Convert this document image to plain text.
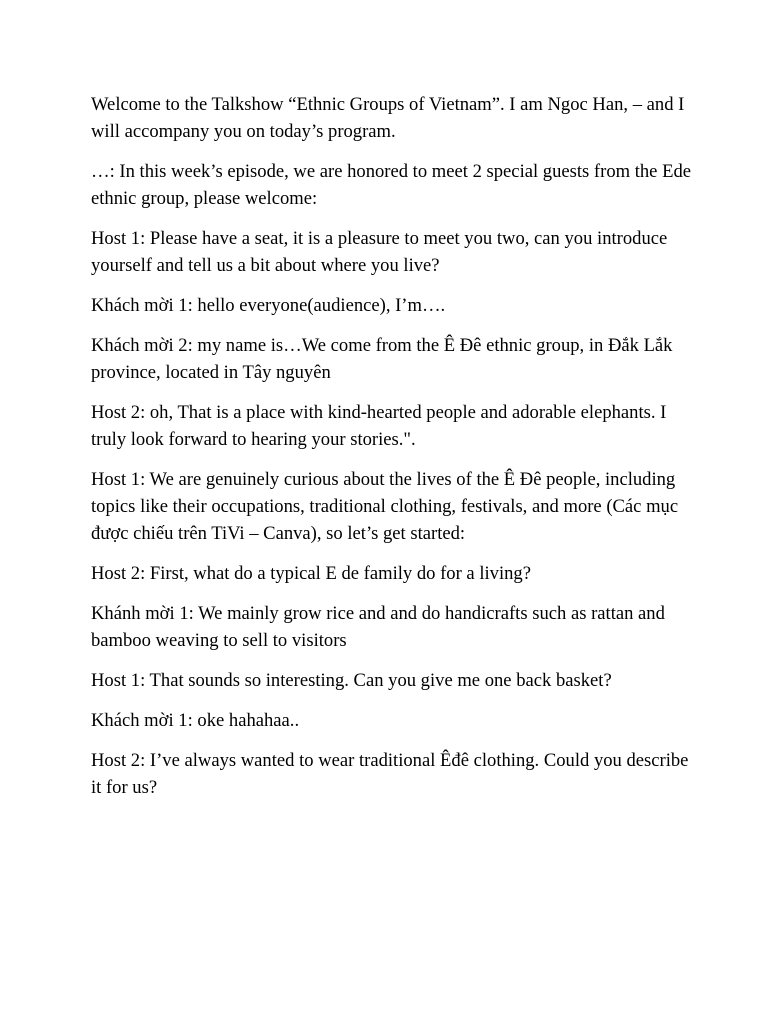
Welcome to the Talkshow “Ethnic Groups of Vietnam”. I am Ngoc Han, – and I will accompany you on today’s program.

…: In this week’s episode, we are honored to meet 2 special guests from the Ede ethnic group, please welcome:

Host 1: Please have a seat, it is a pleasure to meet you two, can you introduce yourself and tell us a bit about where you live?

Khách mời 1: hello everyone(audience), I’m….

Khách mời 2: my name is…We come from the Ê Đê ethnic group, in Đắk Lắk province, located in Tây nguyên

Host 2: oh, That is a place with kind-hearted people and adorable elephants. I truly look forward to hearing your stories.".

Host 1: We are genuinely curious about the lives of the Ê Đê people, including topics like their occupations, traditional clothing, festivals, and more (Các mục được chiếu trên TiVi – Canva), so let’s get started:

Host 2: First, what do a typical E de family do for a living?

Khánh mời 1: We mainly grow rice and and do handicrafts such as rattan and bamboo weaving to sell to visitors

Host 1: That sounds so interesting. Can you give me one back basket?

Khách mời 1: oke hahahaa..

Host 2: I’ve always wanted to wear traditional Êđê clothing. Could you describe it for us?
